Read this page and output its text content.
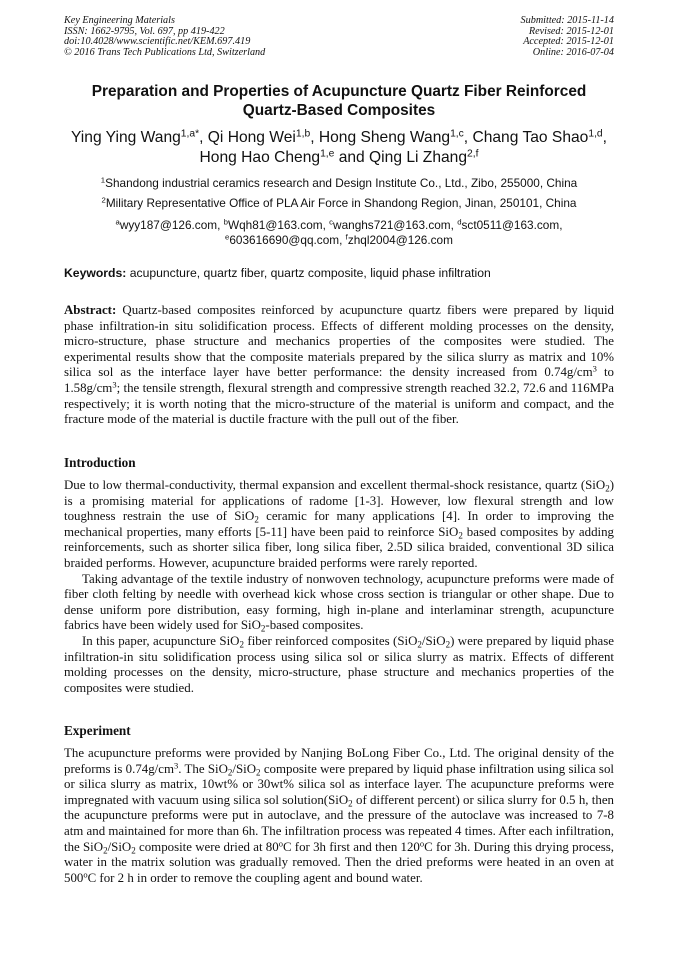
Key Engineering Materials
ISSN: 1662-9795, Vol. 697, pp 419-422
doi:10.4028/www.scientific.net/KEM.697.419
© 2016 Trans Tech Publications Ltd, Switzerland
Submitted: 2015-11-14
Revised: 2015-12-01
Accepted: 2015-12-01
Online: 2016-07-04
Preparation and Properties of Acupuncture Quartz Fiber Reinforced
Quartz-Based Composites
Ying Ying Wang$^{1,a*}$, Qi Hong Wei$^{1,b}$, Hong Sheng Wang$^{1,c}$, Chang Tao Shao$^{1,d}$,
Hong Hao Cheng$^{1,e}$ and Qing Li Zhang$^{2,f}$
$^1$Shandong industrial ceramics research and Design Institute Co., Ltd., Zibo, 255000, China
$^2$Military Representative Office of PLA Air Force in Shandong Region, Jinan, 250101, China
$^a$wyy187@126.com, $^b$Wqh81@163.com, $^c$wanghs721@163.com, $^d$sct0511@163.com,
$^e$603616690@qq.com, $^f$zhql2004@126.com
Keywords: acupuncture, quartz fiber, quartz composite, liquid phase infiltration

Abstract: Quartz-based composites reinforced by acupuncture quartz fibers were prepared by liquid phase infiltration-in situ solidification process. Effects of different molding processes on the density, micro-structure, phase structure and mechanics properties of the composites were studied. The experimental results show that the composite materials prepared by the silica slurry as matrix and 10% silica sol as the interface layer have better performance: the density increased from $0.74g/cm^3$ to $1.58g/cm^3$; the tensile strength, flexural strength and compressive strength reached 32.2, 72.6 and 116MPa respectively; it is worth noting that the micro-structure of the material is uniform and compact, and the fracture mode of the material is ductile fracture with the pull out of the fiber.

Introduction

Due to low thermal-conductivity, thermal expansion and excellent thermal-shock resistance, quartz (SiO$_2$) is a promising material for applications of radome [1-3]. However, low flexural strength and low toughness restrain the use of SiO$_2$ ceramic for many applications [4]. In order to improving the mechanical properties, many efforts [5-11] have been paid to reinforce SiO$_2$ based composites by adding reinforcements, such as shorter silica fiber, long silica fiber, 2.5D silica braided, conventional 3D silica braided performs. However, acupuncture braided performs were rarely reported.

Taking advantage of the textile industry of nonwoven technology, acupuncture preforms were made of fiber cloth felting by needle with overhead kick whose cross section is triangular or other shape. Due to dense uniform pore distribution, easy forming, high in-plane and interlaminar strength, acupuncture fabrics have been widely used for SiO$_2$-based composites.

In this paper, acupuncture SiO$_2$ fiber reinforced composites (SiO$_2$/SiO$_2$) were prepared by liquid phase infiltration-in situ solidification process using silica sol or silica slurry as matrix. Effects of different molding processes on the density, micro-structure, phase structure and mechanics properties of the composites were studied.

Experiment

The acupuncture preforms were provided by Nanjing BoLong Fiber Co., Ltd. The original density of the preforms is $0.74g/cm^3$. The SiO$_2$/SiO$_2$ composite were prepared by liquid phase infiltration using silica sol or silica slurry as matrix, 10wt% or 30wt% silica sol as interface layer. The acupuncture preforms were impregnated with vacuum using silica sol solution(SiO$_2$ of different percent) or silica slurry for 0.5 h, then the acupuncture preforms were put in autoclave, and the pressure of the autoclave was increased to 7-8 atm and maintained for more than 6h. The infiltration process was repeated 4 times. After each infiltration, the SiO$_2$/SiO$_2$ composite were dried at 80$^o$C for 3h first and then 120$^o$C for 3h. During this drying process, water in the matrix solution was gradually removed. Then the dried preforms were heated in an oven at 500$^o$C for 2 h in order to remove the coupling agent and bound water.
